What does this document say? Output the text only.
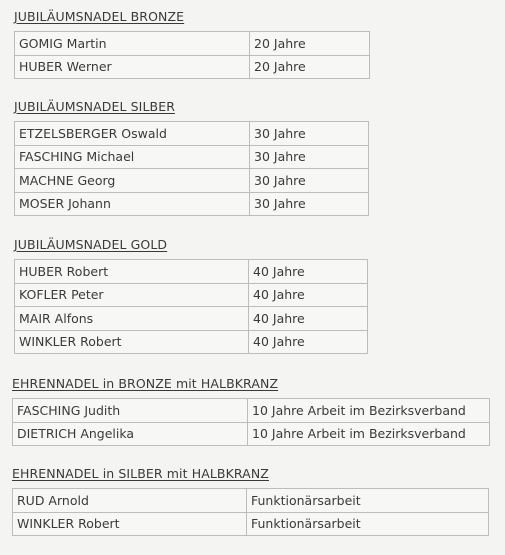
JUBILÄUMSNADEL BRONZE
GOMIG Martin	20 Jahre
HUBER Werner	20 Jahre
JUBILÄUMSNADEL SILBER
ETZELSBERGER Oswald	30 Jahre
FASCHING Michael	30 Jahre
MACHNE Georg	30 Jahre
MOSER Johann	30 Jahre
JUBILÄUMSNADEL GOLD
HUBER Robert	40 Jahre
KOFLER Peter	40 Jahre
MAIR Alfons	40 Jahre
WINKLER Robert	40 Jahre
EHRENNADEL in BRONZE mit HALBKRANZ
FASCHING Judith	10 Jahre Arbeit im Bezirksverband
DIETRICH Angelika	10 Jahre Arbeit im Bezirksverband
EHRENNADEL in SILBER mit HALBKRANZ
RUD Arnold	Funktionärsarbeit
WINKLER Robert	Funktionärsarbeit
